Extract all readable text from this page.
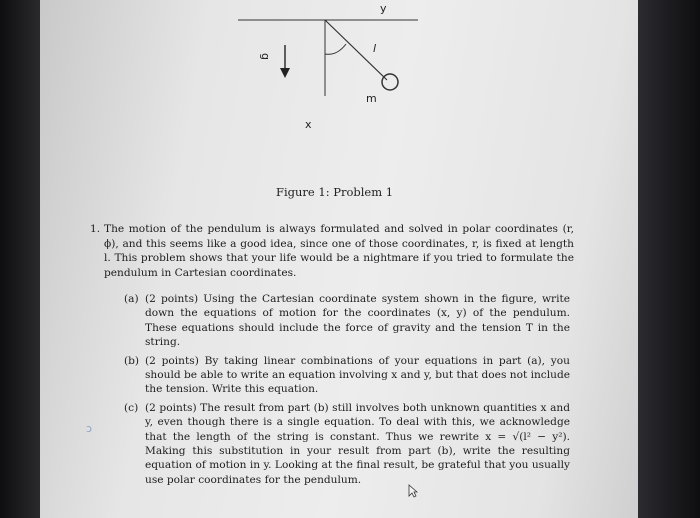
y
g
l
m
x
Figure 1: Problem 1
1. The motion of the pendulum is always formulated and solved in polar coordinates (r, ϕ), and this seems like a good idea, since one of those coordinates, r, is fixed at length l. This problem shows that your life would be a nightmare if you tried to formulate the pendulum in Cartesian coordinates.
(a) (2 points) Using the Cartesian coordinate system shown in the figure, write down the equations of motion for the coordinates (x, y) of the pendulum. These equations should include the force of gravity and the tension T in the string.
(b) (2 points) By taking linear combinations of your equations in part (a), you should be able to write an equation involving x and y, but that does not include the tension. Write this equation.
(c) (2 points) The result from part (b) still involves both unknown quantities x and y, even though there is a single equation. To deal with this, we acknowledge that the length of the string is constant. Thus we rewrite x = √(l² − y²). Making this substitution in your result from part (b), write the resulting equation of motion in y. Looking at the final result, be grateful that you usually use polar coordinates for the pendulum.
ↄ
